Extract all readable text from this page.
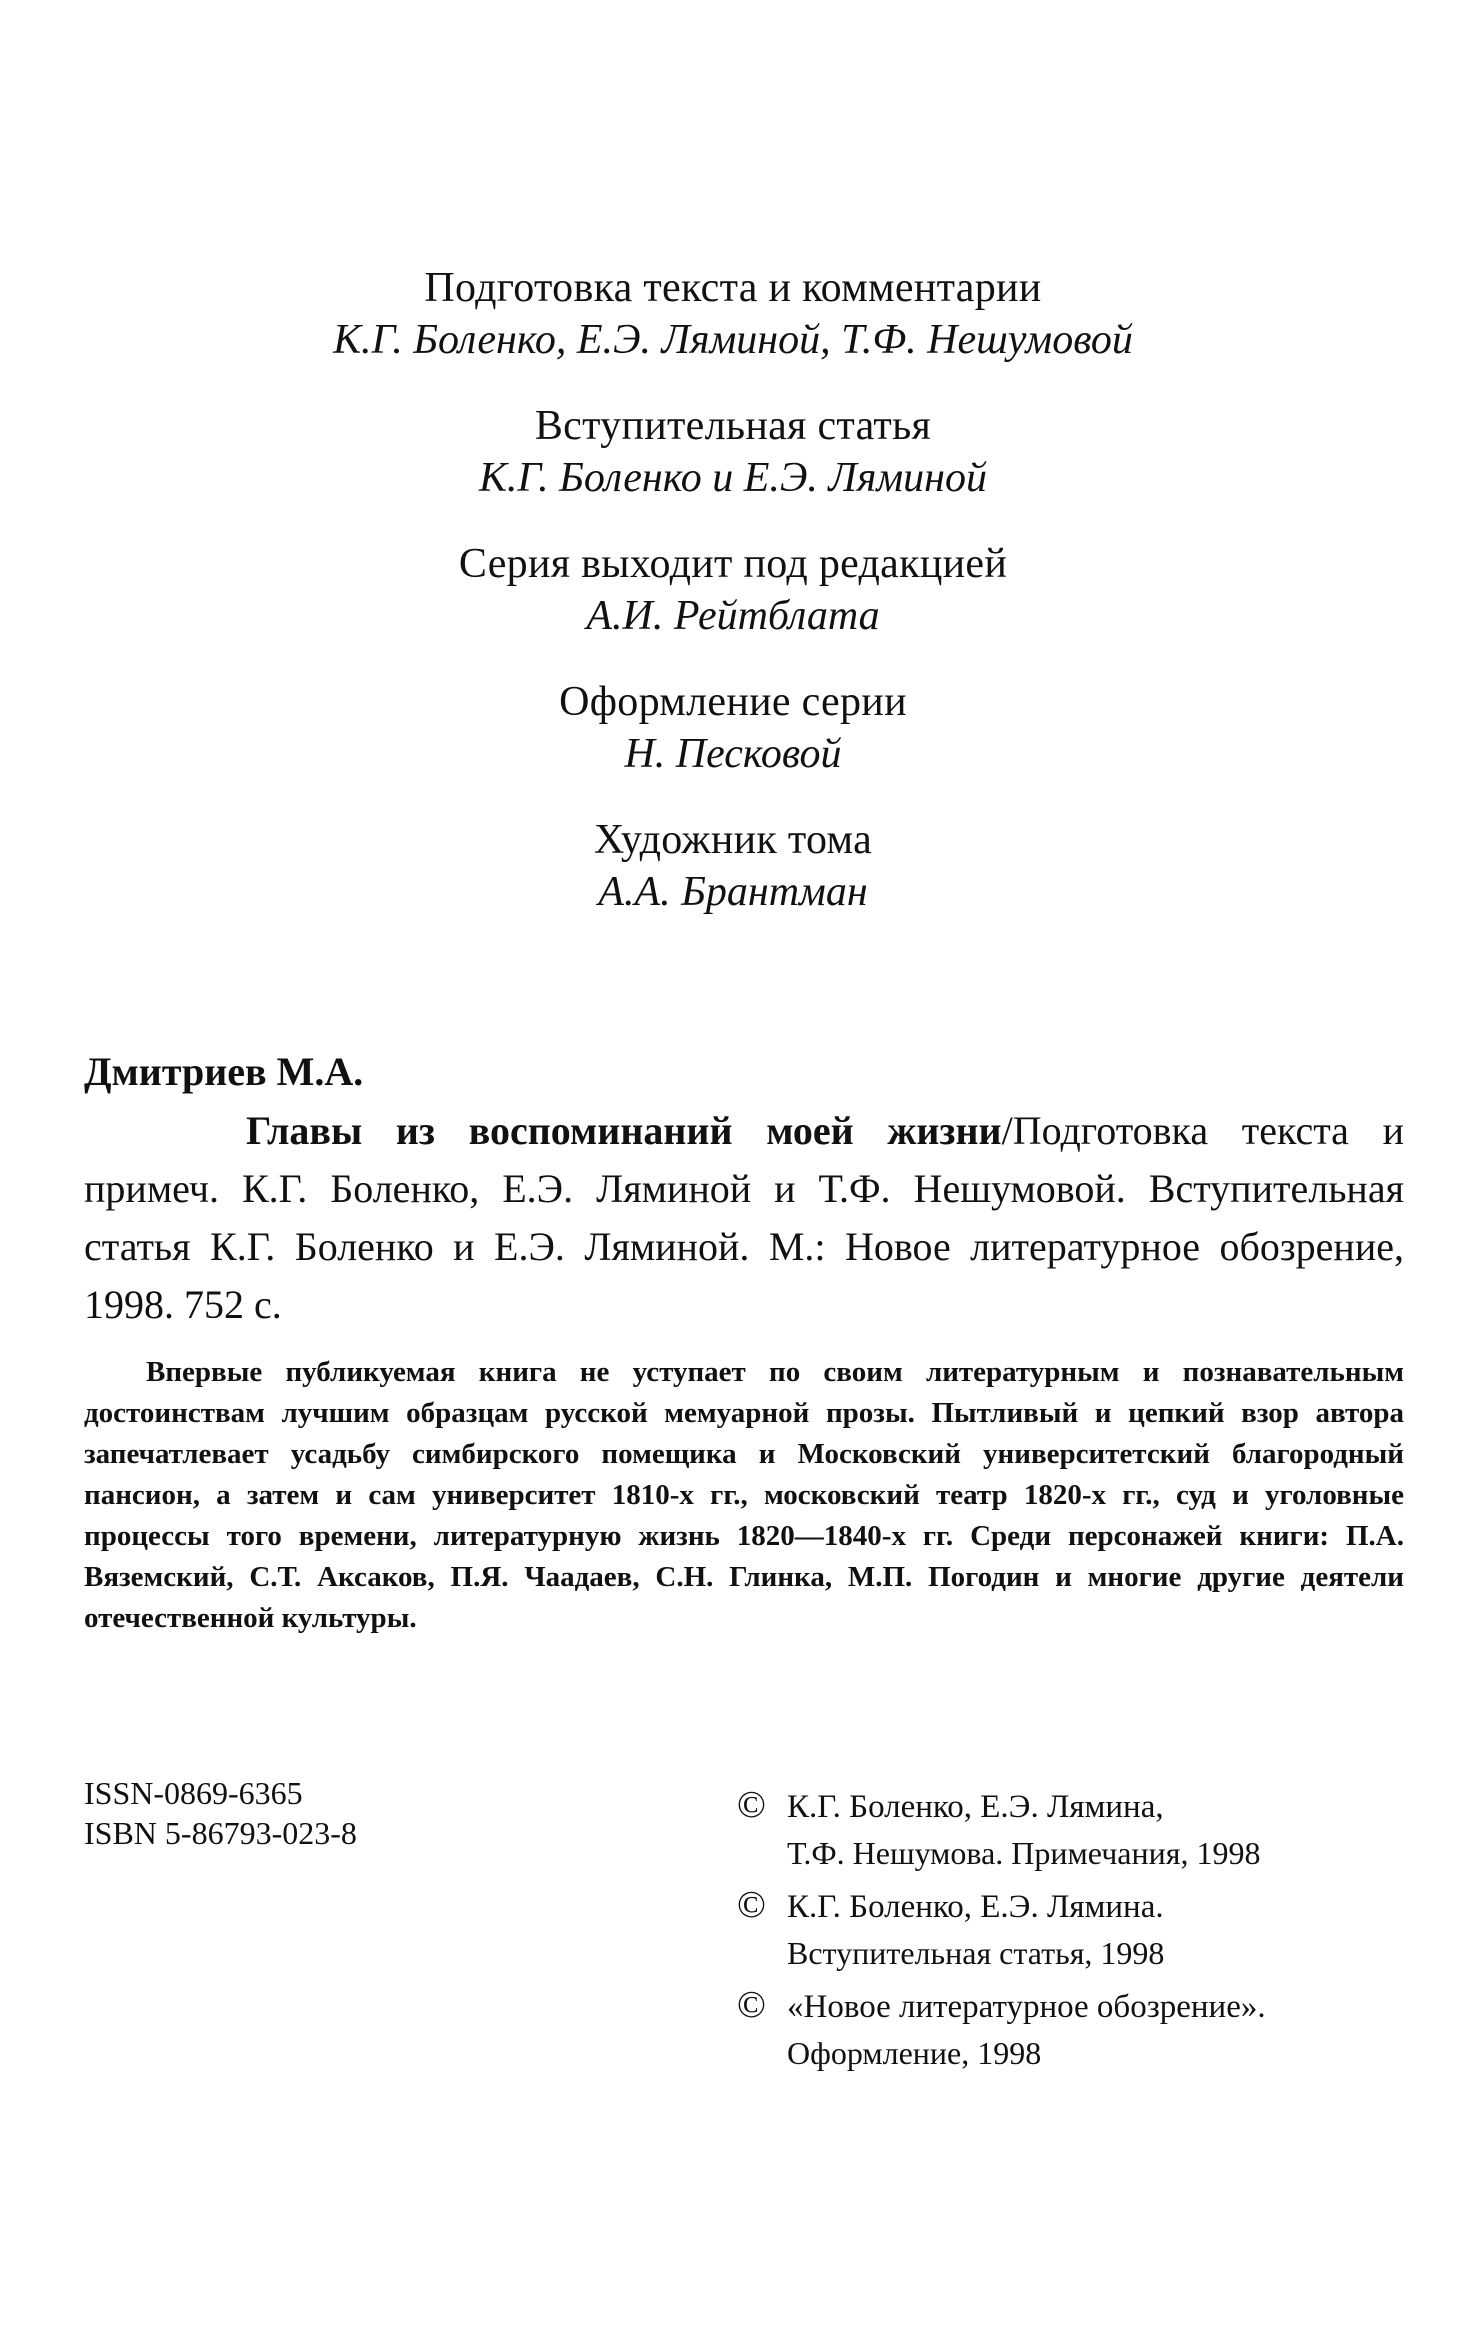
Подготовка текста и комментарии
К.Г. Боленко, Е.Э. Ляминой, Т.Ф. Нешумовой
Вступительная статья
К.Г. Боленко и Е.Э. Ляминой
Серия выходит под редакцией
А.И. Рейтблата
Оформление серии
Н. Песковой
Художник тома
А.А. Брантман
Дмитриев М.А.

Главы из воспоминаний моей жизни/Подготовка текста и примеч. К.Г. Боленко, Е.Э. Ляминой и Т.Ф. Нешумовой. Вступительная статья К.Г. Боленко и Е.Э. Ляминой. М.: Новое литературное обозрение, 1998. 752 с.

Впервые публикуемая книга не уступает по своим литературным и познавательным достоинствам лучшим образцам русской мемуарной прозы. Пытливый и цепкий взор автора запечатлевает усадьбу симбирского помещика и Московский университетский благородный пансион, а затем и сам университет 1810-х гг., московский театр 1820-х гг., суд и уголовные процессы того времени, литературную жизнь 1820—1840-х гг. Среди персонажей книги: П.А. Вяземский, С.Т. Аксаков, П.Я. Чаадаев, С.Н. Глинка, М.П. Погодин и многие другие деятели отечественной культуры.

ISSN-0869-6365
ISBN 5-86793-023-8
© К.Г. Боленко, Е.Э. Лямина,
Т.Ф. Нешумова. Примечания, 1998
© К.Г. Боленко, Е.Э. Лямина.
Вступительная статья, 1998
© «Новое литературное обозрение».
Оформление, 1998
